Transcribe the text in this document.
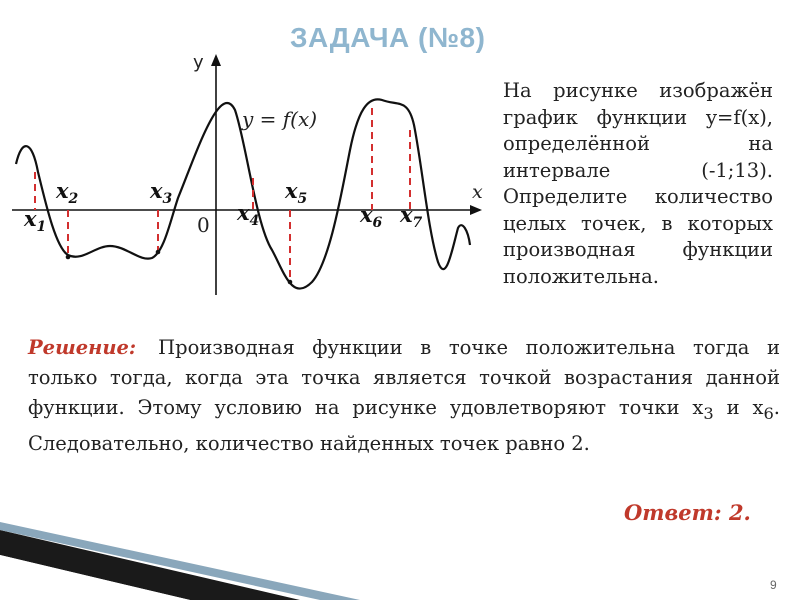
ЗАДАЧА (№8)
y
x
0
y = f(x)
$x_1$
$x_2$	$x_3$
$x_4$
$x_5$
$x_6$ $x_7$
На рисунке изображён график функции y=f(x), определённой на интервале (-1;13). Определите количество целых точек, в которых производная функции положительна.
Решение: Производная функции в точке положительна тогда и только тогда, когда эта точка является точкой возрастания данной функции. Этому условию на рисунке удовлетворяют точки $x_3$ и $x_6$. Следовательно, количество найденных точек равно 2.
Ответ: 2.
9
